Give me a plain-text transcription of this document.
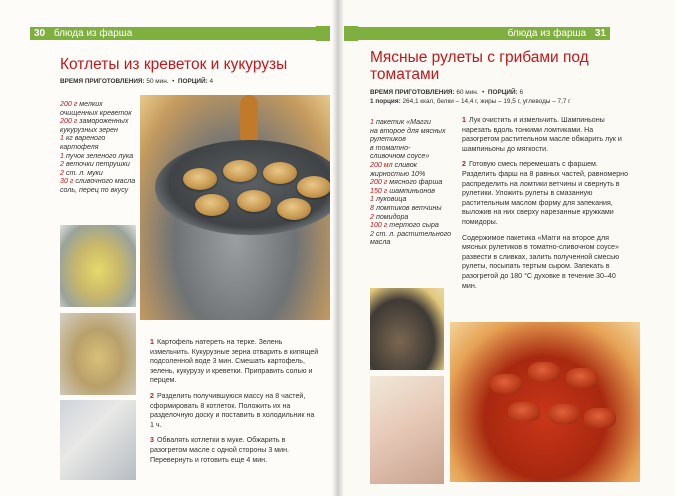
30 блюда из фарша
Котлеты из креветок и кукурузы
ВРЕМЯ ПРИГОТОВЛЕНИЯ: 50 мин.  •  ПОРЦИЙ: 4
200 г мелких
очищенных креветок
200 г замороженных
кукурузных зерен
1 кг вареного
картофеля
1 пучок зеленого лука
2 веточки петрушки
2 ст. л. муки
30 г сливочного масла
соль, перец по вкусу

1 Картофель натереть на терке. Зелень измельчить. Кукурузные зерна отварить в кипящей подсоленной воде 3 мин. Смешать картофель, зелень, кукурузу и креветки. Приправить солью и перцем.

2 Разделить получившуюся массу на 8 частей, сформировать 8 котлеток. Положить их на разделочную доску и поставить в холодильник на 1 ч.

3 Обвалять котлетки в муке. Обжарить в разогретом масле с одной стороны 3 мин. Перевернуть и готовить еще 4 мин.

блюда из фарша 31
Мясные рулеты с грибами под томатами
ВРЕМЯ ПРИГОТОВЛЕНИЯ: 60 мин.  •  ПОРЦИЙ: 6
1 порция: 264,1 ккал, белки – 14,4 г, жиры – 19,5 г, углеводы – 7,7 г
1 пакетик «Магги
на второе для мясных
рулетиков
в томатно-
сливочном соусе»
200 мл сливок
жирностью 10%
200 г мясного фарша
150 г шампиньонов
1 луковица
8 ломтиков ветчины
2 помидора
100 г тертого сыра
2 ст. л. растительного
масла

1 Лук очистить и измельчить. Шампиньоны нарезать вдоль тонкими ломтиками. На разогретом растительном масле обжарить лук и шампиньоны до мягкости.

2 Готовую смесь перемешать с фаршем. Разделить фарш на 8 равных частей, равномерно распределить на ломтики ветчины и свернуть в рулетики. Уложить рулеты в смазанную растительным маслом форму для запекания, выложив на них сверху нарезанные кружками помидоры.

Содержимое пакетика «Магги на второе для мясных рулетиков в томатно-сливочном соусе» развести в сливках, залить полученной смесью рулеты, посыпать тертым сыром. Запекать в разогретой до 180 °С духовке в течение 30–40 мин.
